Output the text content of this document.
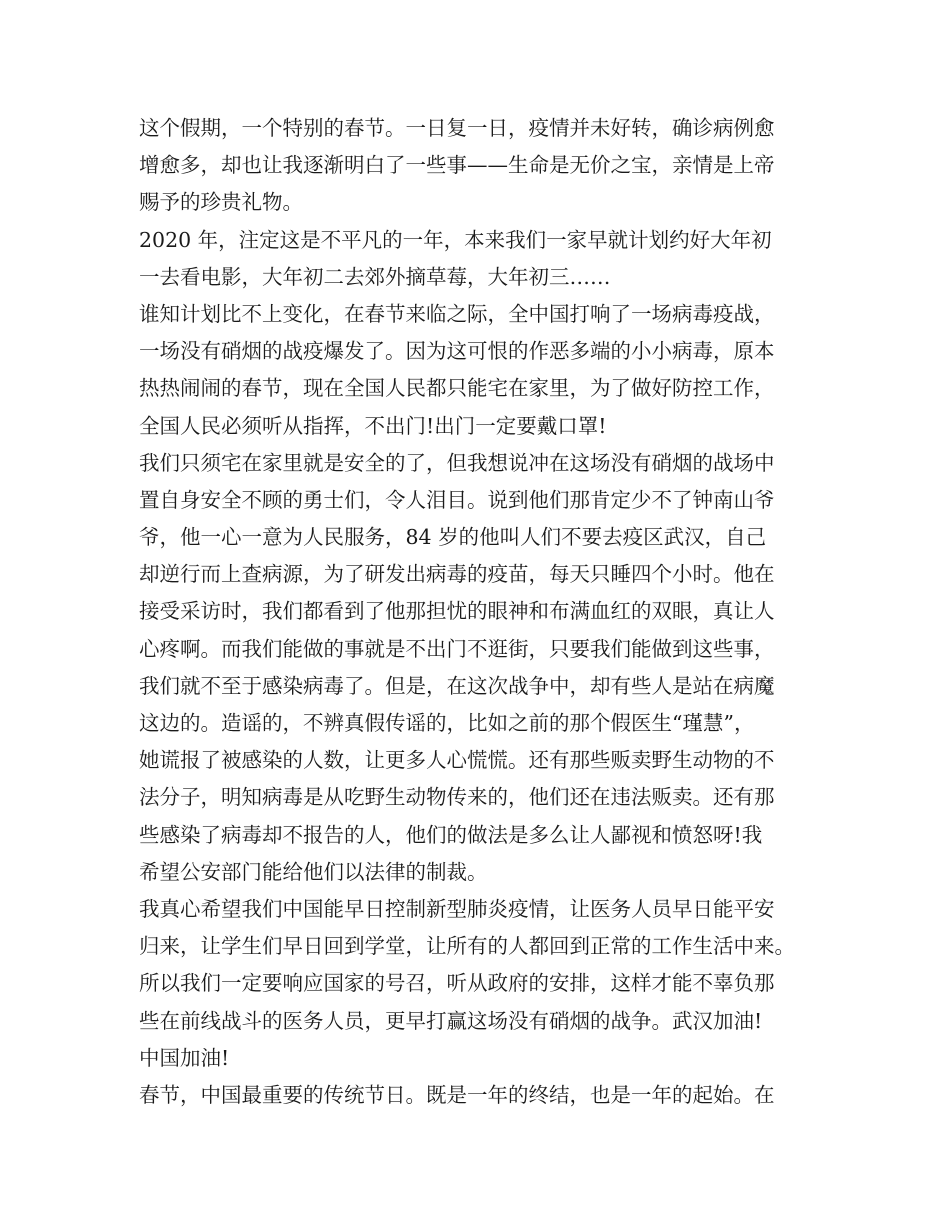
这个假期，一个特别的春节。一日复一日，疫情并未好转，确诊病例愈
增愈多，却也让我逐渐明白了一些事——生命是无价之宝，亲情是上帝
赐予的珍贵礼物。
2020 年，注定这是不平凡的一年，本来我们一家早就计划约好大年初
一去看电影，大年初二去郊外摘草莓，大年初三……
谁知计划比不上变化，在春节来临之际，全中国打响了一场病毒疫战，
一场没有硝烟的战疫爆发了。因为这可恨的作恶多端的小小病毒，原本
热热闹闹的春节，现在全国人民都只能宅在家里，为了做好防控工作，
全国人民必须听从指挥，不出门!出门一定要戴口罩!
我们只须宅在家里就是安全的了，但我想说冲在这场没有硝烟的战场中
置自身安全不顾的勇士们，令人泪目。说到他们那肯定少不了钟南山爷
爷，他一心一意为人民服务，84 岁的他叫人们不要去疫区武汉，自己
却逆行而上查病源，为了研发出病毒的疫苗，每天只睡四个小时。他在
接受采访时，我们都看到了他那担忧的眼神和布满血红的双眼，真让人
心疼啊。而我们能做的事就是不出门不逛街，只要我们能做到这些事，
我们就不至于感染病毒了。但是，在这次战争中，却有些人是站在病魔
这边的。造谣的，不辨真假传谣的，比如之前的那个假医生“瑾慧”，
她谎报了被感染的人数，让更多人心慌慌。还有那些贩卖野生动物的不
法分子，明知病毒是从吃野生动物传来的，他们还在违法贩卖。还有那
些感染了病毒却不报告的人，他们的做法是多么让人鄙视和愤怒呀!我
希望公安部门能给他们以法律的制裁。
我真心希望我们中国能早日控制新型肺炎疫情，让医务人员早日能平安
归来，让学生们早日回到学堂，让所有的人都回到正常的工作生活中来。
所以我们一定要响应国家的号召，听从政府的安排，这样才能不辜负那
些在前线战斗的医务人员，更早打赢这场没有硝烟的战争。武汉加油!
中国加油!
春节，中国最重要的传统节日。既是一年的终结，也是一年的起始。在
